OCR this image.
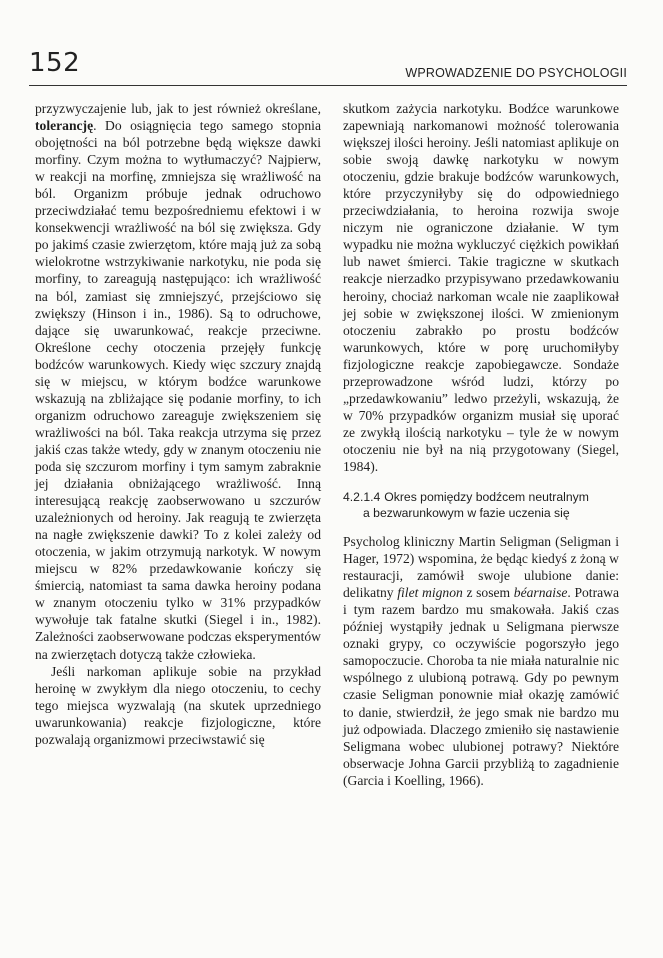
152	WPROWADZENIE DO PSYCHOLOGII

przyzwyczajenie lub, jak to jest również określane, tolerancję. Do osiągnięcia tego samego stopnia obojętności na ból potrzebne będą większe dawki morfiny. Czym można to wytłumaczyć? Najpierw, w reakcji na morfinę, zmniejsza się wrażliwość na ból. Organizm próbuje jednak odruchowo przeciwdziałać temu bezpośredniemu efektowi i w konsekwencji wrażliwość na ból się zwiększa. Gdy po jakimś czasie zwierzętom, które mają już za sobą wielokrotne wstrzykiwanie narkotyku, nie poda się morfiny, to zareagują następująco: ich wrażliwość na ból, zamiast się zmniejszyć, przejściowo się zwiększy (Hinson i in., 1986). Są to odruchowe, dające się uwarunkować, reakcje przeciwne. Określone cechy otoczenia przejęły funkcję bodźców warunkowych. Kiedy więc szczury znajdą się w miejscu, w którym bodźce warunkowe wskazują na zbliżające się podanie morfiny, to ich organizm odruchowo zareaguje zwiększeniem się wrażliwości na ból. Taka reakcja utrzyma się przez jakiś czas także wtedy, gdy w znanym otoczeniu nie poda się szczurom morfiny i tym samym zabraknie jej działania obniżającego wrażliwość. Inną interesującą reakcję zaobserwowano u szczurów uzależnionych od heroiny. Jak reagują te zwierzęta na nagłe zwiększenie dawki? To z kolei zależy od otoczenia, w jakim otrzymują narkotyk. W nowym miejscu w 82% przedawkowanie kończy się śmiercią, natomiast ta sama dawka heroiny podana w znanym otoczeniu tylko w 31% przypadków wywołuje tak fatalne skutki (Siegel i in., 1982). Zależności zaobserwowane podczas eksperymentów na zwierzętach dotyczą także człowieka.

Jeśli narkoman aplikuje sobie na przykład heroinę w zwykłym dla niego otoczeniu, to cechy tego miejsca wyzwalają (na skutek uprzedniego uwarunkowania) reakcje fizjologiczne, które pozwalają organizmowi przeciwstawić się

skutkom zażycia narkotyku. Bodźce warunkowe zapewniają narkomanowi możność tolerowania większej ilości heroiny. Jeśli natomiast aplikuje on sobie swoją dawkę narkotyku w nowym otoczeniu, gdzie brakuje bodźców warunkowych, które przyczyniłyby się do odpowiedniego przeciwdziałania, to heroina rozwija swoje niczym nie ograniczone działanie. W tym wypadku nie można wykluczyć ciężkich powikłań lub nawet śmierci. Takie tragiczne w skutkach reakcje nierzadko przypisywano przedawkowaniu heroiny, chociaż narkoman wcale nie zaaplikował jej sobie w zwiększonej ilości. W zmienionym otoczeniu zabrakło po prostu bodźców warunkowych, które w porę uruchomiłyby fizjologiczne reakcje zapobiegawcze. Sondaże przeprowadzone wśród ludzi, którzy po „przedawkowaniu” ledwo przeżyli, wskazują, że w 70% przypadków organizm musiał się uporać ze zwykłą ilością narkotyku – tyle że w nowym otoczeniu nie był na nią przygotowany (Siegel, 1984).

4.2.1.4 Okres pomiędzy bodźcem neutralnym
a bezwarunkowym w fazie uczenia się

Psycholog kliniczny Martin Seligman (Seligman i Hager, 1972) wspomina, że będąc kiedyś z żoną w restauracji, zamówił swoje ulubione danie: delikatny filet mignon z sosem béarnaise. Potrawa i tym razem bardzo mu smakowała. Jakiś czas później wystąpiły jednak u Seligmana pierwsze oznaki grypy, co oczywiście pogorszyło jego samopoczucie. Choroba ta nie miała naturalnie nic wspólnego z ulubioną potrawą. Gdy po pewnym czasie Seligman ponownie miał okazję zamówić to danie, stwierdził, że jego smak nie bardzo mu już odpowiada. Dlaczego zmieniło się nastawienie Seligmana wobec ulubionej potrawy? Niektóre obserwacje Johna Garcii przybliżą to zagadnienie (Garcia i Koelling, 1966).
